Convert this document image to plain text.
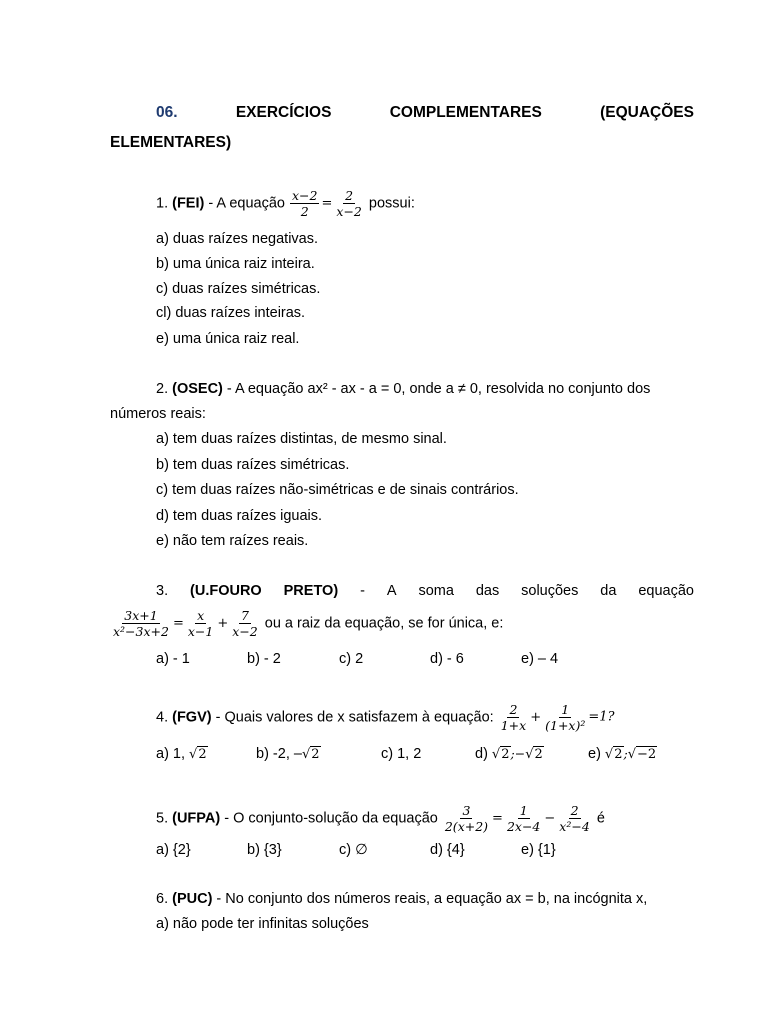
06.	EXERCÍCIOS	COMPLEMENTARES	(EQUAÇÕES
ELEMENTARES)
1. (FEI) - A equação $\frac{x-2}{2} = \frac{2}{x-2}$ possui:
a) duas raízes negativas.
b) uma única raiz inteira.
c) duas raízes simétricas.
cl) duas raízes inteiras.
e) uma única raiz real.
2. (OSEC) - A equação ax² - ax - a = 0, onde a ≠ 0, resolvida no conjunto dos
números reais:
a) tem duas raízes distintas, de mesmo sinal.
b) tem duas raízes simétricas.
c) tem duas raízes não-simétricas e de sinais contrários.
d) tem duas raízes iguais.
e) não tem raízes reais.
3. (U.FOURO PRETO) - A soma das soluções da equação
$\frac{3x+1}{\text{x²−3x+2}} = \frac{x}{x-1} + \frac{7}{x-2}$ ou a raiz da equação, se for única, e:
a) - 1	b) - 2	c) 2	d) - 6	e) – 4
4. (FGV) - Quais valores de x satisfazem à equação: $\frac{2}{1+x} + \frac{1}{\text{(1+x)²}} =1$?
a) 1, √2	b) -2, –√2	c) 1, 2	d) √2;−√2	e) √2;√−2
5. (UFPA) - O conjunto-solução da equação $\frac{3}{2(x+2)} = \frac{1}{2x-4} - \frac{2}{\text{x²−4}}$ é
a) {2}	b) {3}	c) ∅	d) {4}	e) {1}
6. (PUC) - No conjunto dos números reais, a equação ax = b, na incógnita x,
a) não pode ter infinitas soluções
